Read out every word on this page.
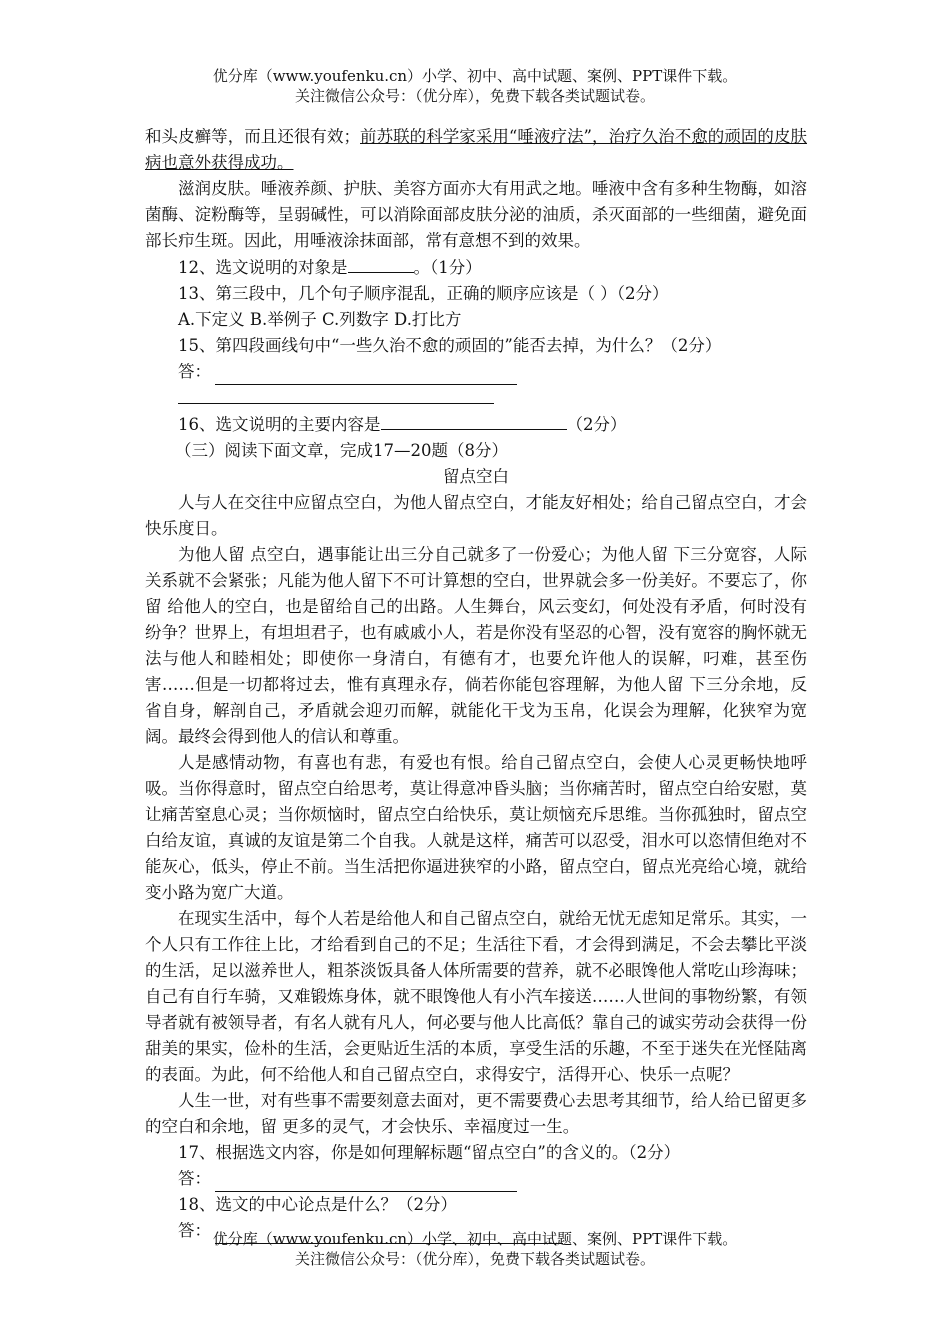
优分库（www.youfenku.cn）小学、初中、高中试题、案例、PPT课件下载。
关注微信公众号：（优分库），免费下载各类试题试卷。

和头皮癣等，而且还很有效；前苏联的科学家采用“唾液疗法”，治疗久治不愈的顽固的皮肤病也意外获得成功。

滋润皮肤。唾液养颜、护肤、美容方面亦大有用武之地。唾液中含有多种生物酶，如溶菌酶、淀粉酶等，呈弱碱性，可以消除面部皮肤分泌的油质，杀灭面部的一些细菌，避免面部长疖生斑。因此，用唾液涂抹面部，常有意想不到的效果。

12、选文说明的对象是	。（1分）

13、第三段中，几个句子顺序混乱，正确的顺序应该是（ ）（2分）

A.下定义 B.举例子 C.列数字 D.打比方

15、第四段画线句中“一些久治不愈的顽固的”能否去掉，为什么？（2分）

答：

16、选文说明的主要内容是	（2分）

（三）阅读下面文章，完成17—20题（8分）

留点空白

人与人在交往中应留点空白，为他人留点空白，才能友好相处；给自己留点空白，才会快乐度日。

为他人留 点空白，遇事能让出三分自己就多了一份爱心；为他人留 下三分宽容，人际关系就不会紧张；凡能为他人留下不可计算想的空白，世界就会多一份美好。不要忘了，你留 给他人的空白，也是留给自己的出路。人生舞台，风云变幻，何处没有矛盾，何时没有纷争？世界上，有坦坦君子，也有戚戚小人，若是你没有坚忍的心智，没有宽容的胸怀就无法与他人和睦相处；即使你一身清白，有德有才，也要允许他人的误解，叼难，甚至伤害……但是一切都将过去，惟有真理永存，倘若你能包容理解，为他人留 下三分余地，反省自身，解剖自己，矛盾就会迎刃而解，就能化干戈为玉帛，化误会为理解，化狭窄为宽阔。最终会得到他人的信认和尊重。

人是感情动物，有喜也有悲，有爱也有恨。给自己留点空白，会使人心灵更畅快地呼吸。当你得意时，留点空白给思考，莫让得意冲昏头脑；当你痛苦时，留点空白给安慰，莫让痛苦窒息心灵；当你烦恼时，留点空白给快乐，莫让烦恼充斥思维。当你孤独时，留点空白给友谊，真诚的友谊是第二个自我。人就是这样，痛苦可以忍受，泪水可以恣情但绝对不能灰心，低头，停止不前。当生活把你逼进狭窄的小路，留点空白，留点光亮给心境，就给变小路为宽广大道。

在现实生活中，每个人若是给他人和自己留点空白，就给无忧无虑知足常乐。其实，一个人只有工作往上比，才给看到自己的不足；生活往下看，才会得到满足，不会去攀比平淡的生活，足以滋养世人，粗茶淡饭具备人体所需要的营养，就不必眼馋他人常吃山珍海味；自己有自行车骑，又难锻炼身体，就不眼馋他人有小汽车接送……人世间的事物纷繁，有领导者就有被领导者，有名人就有凡人，何必要与他人比高低？靠自己的诚实劳动会获得一份甜美的果实，俭朴的生活，会更贴近生活的本质，享受生活的乐趣，不至于迷失在光怪陆离的表面。为此，何不给他人和自己留点空白，求得安宁，活得开心、快乐一点呢？

人生一世，对有些事不需要刻意去面对，更不需要费心去思考其细节，给人给已留更多的空白和余地，留 更多的灵气，才会快乐、幸福度过一生。

17、根据选文内容，你是如何理解标题“留点空白”的含义的。（2分）

答：

18、选文的中心论点是什么？（2分）

答： 优分库（www.youfenku.cn）小学、初中、高中试题、案例、PPT课件下载。
关注微信公众号：（优分库），免费下载各类试题试卷。
